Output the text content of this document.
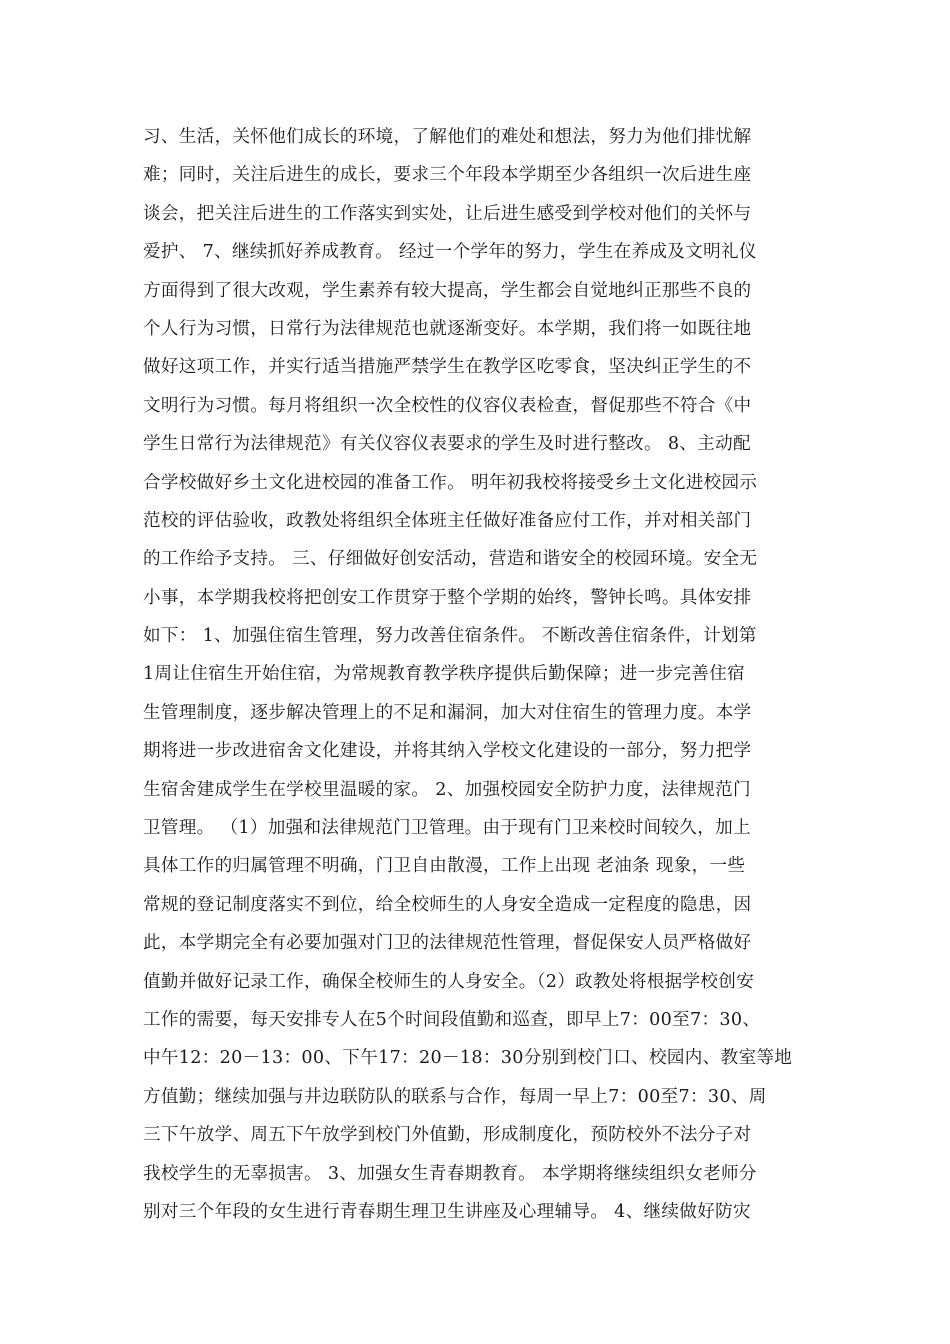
习、生活，关怀他们成长的环境，了解他们的难处和想法，努力为他们排忧解
难；同时，关注后进生的成长，要求三个年段本学期至少各组织一次后进生座
谈会，把关注后进生的工作落实到实处，让后进生感受到学校对他们的关怀与
爱护、 7、继续抓好养成教育。 经过一个学年的努力，学生在养成及文明礼仪
方面得到了很大改观，学生素养有较大提高，学生都会自觉地纠正那些不良的
个人行为习惯，日常行为法律规范也就逐渐变好。本学期，我们将一如既往地
做好这项工作，并实行适当措施严禁学生在教学区吃零食，坚决纠正学生的不
文明行为习惯。每月将组织一次全校性的仪容仪表检查，督促那些不符合《中
学生日常行为法律规范》有关仪容仪表要求的学生及时进行整改。 8、主动配
合学校做好乡土文化进校园的准备工作。 明年初我校将接受乡土文化进校园示
范校的评估验收，政教处将组织全体班主任做好准备应付工作，并对相关部门
的工作给予支持。 三、仔细做好创安活动，营造和谐安全的校园环境。安全无
小事，本学期我校将把创安工作贯穿于整个学期的始终，警钟长鸣。具体安排
如下： 1、加强住宿生管理，努力改善住宿条件。 不断改善住宿条件，计划第
1周让住宿生开始住宿，为常规教育教学秩序提供后勤保障；进一步完善住宿
生管理制度，逐步解决管理上的不足和漏洞，加大对住宿生的管理力度。本学
期将进一步改进宿舍文化建设，并将其纳入学校文化建设的一部分，努力把学
生宿舍建成学生在学校里温暖的家。 2、加强校园安全防护力度，法律规范门
卫管理。 （1）加强和法律规范门卫管理。由于现有门卫来校时间较久，加上
具体工作的归属管理不明确，门卫自由散漫，工作上出现 老油条 现象，一些
常规的登记制度落实不到位，给全校师生的人身安全造成一定程度的隐患，因
此，本学期完全有必要加强对门卫的法律规范性管理，督促保安人员严格做好
值勤并做好记录工作，确保全校师生的人身安全。（2）政教处将根据学校创安
工作的需要，每天安排专人在5个时间段值勤和巡查，即早上7：00至7：30、
中午12：20－13：00、下午17：20－18：30分别到校门口、校园内、教室等地
方值勤；继续加强与井边联防队的联系与合作，每周一早上7：00至7：30、周
三下午放学、周五下午放学到校门外值勤，形成制度化，预防校外不法分子对
我校学生的无辜损害。 3、加强女生青春期教育。 本学期将继续组织女老师分
别对三个年段的女生进行青春期生理卫生讲座及心理辅导。 4、继续做好防灾
